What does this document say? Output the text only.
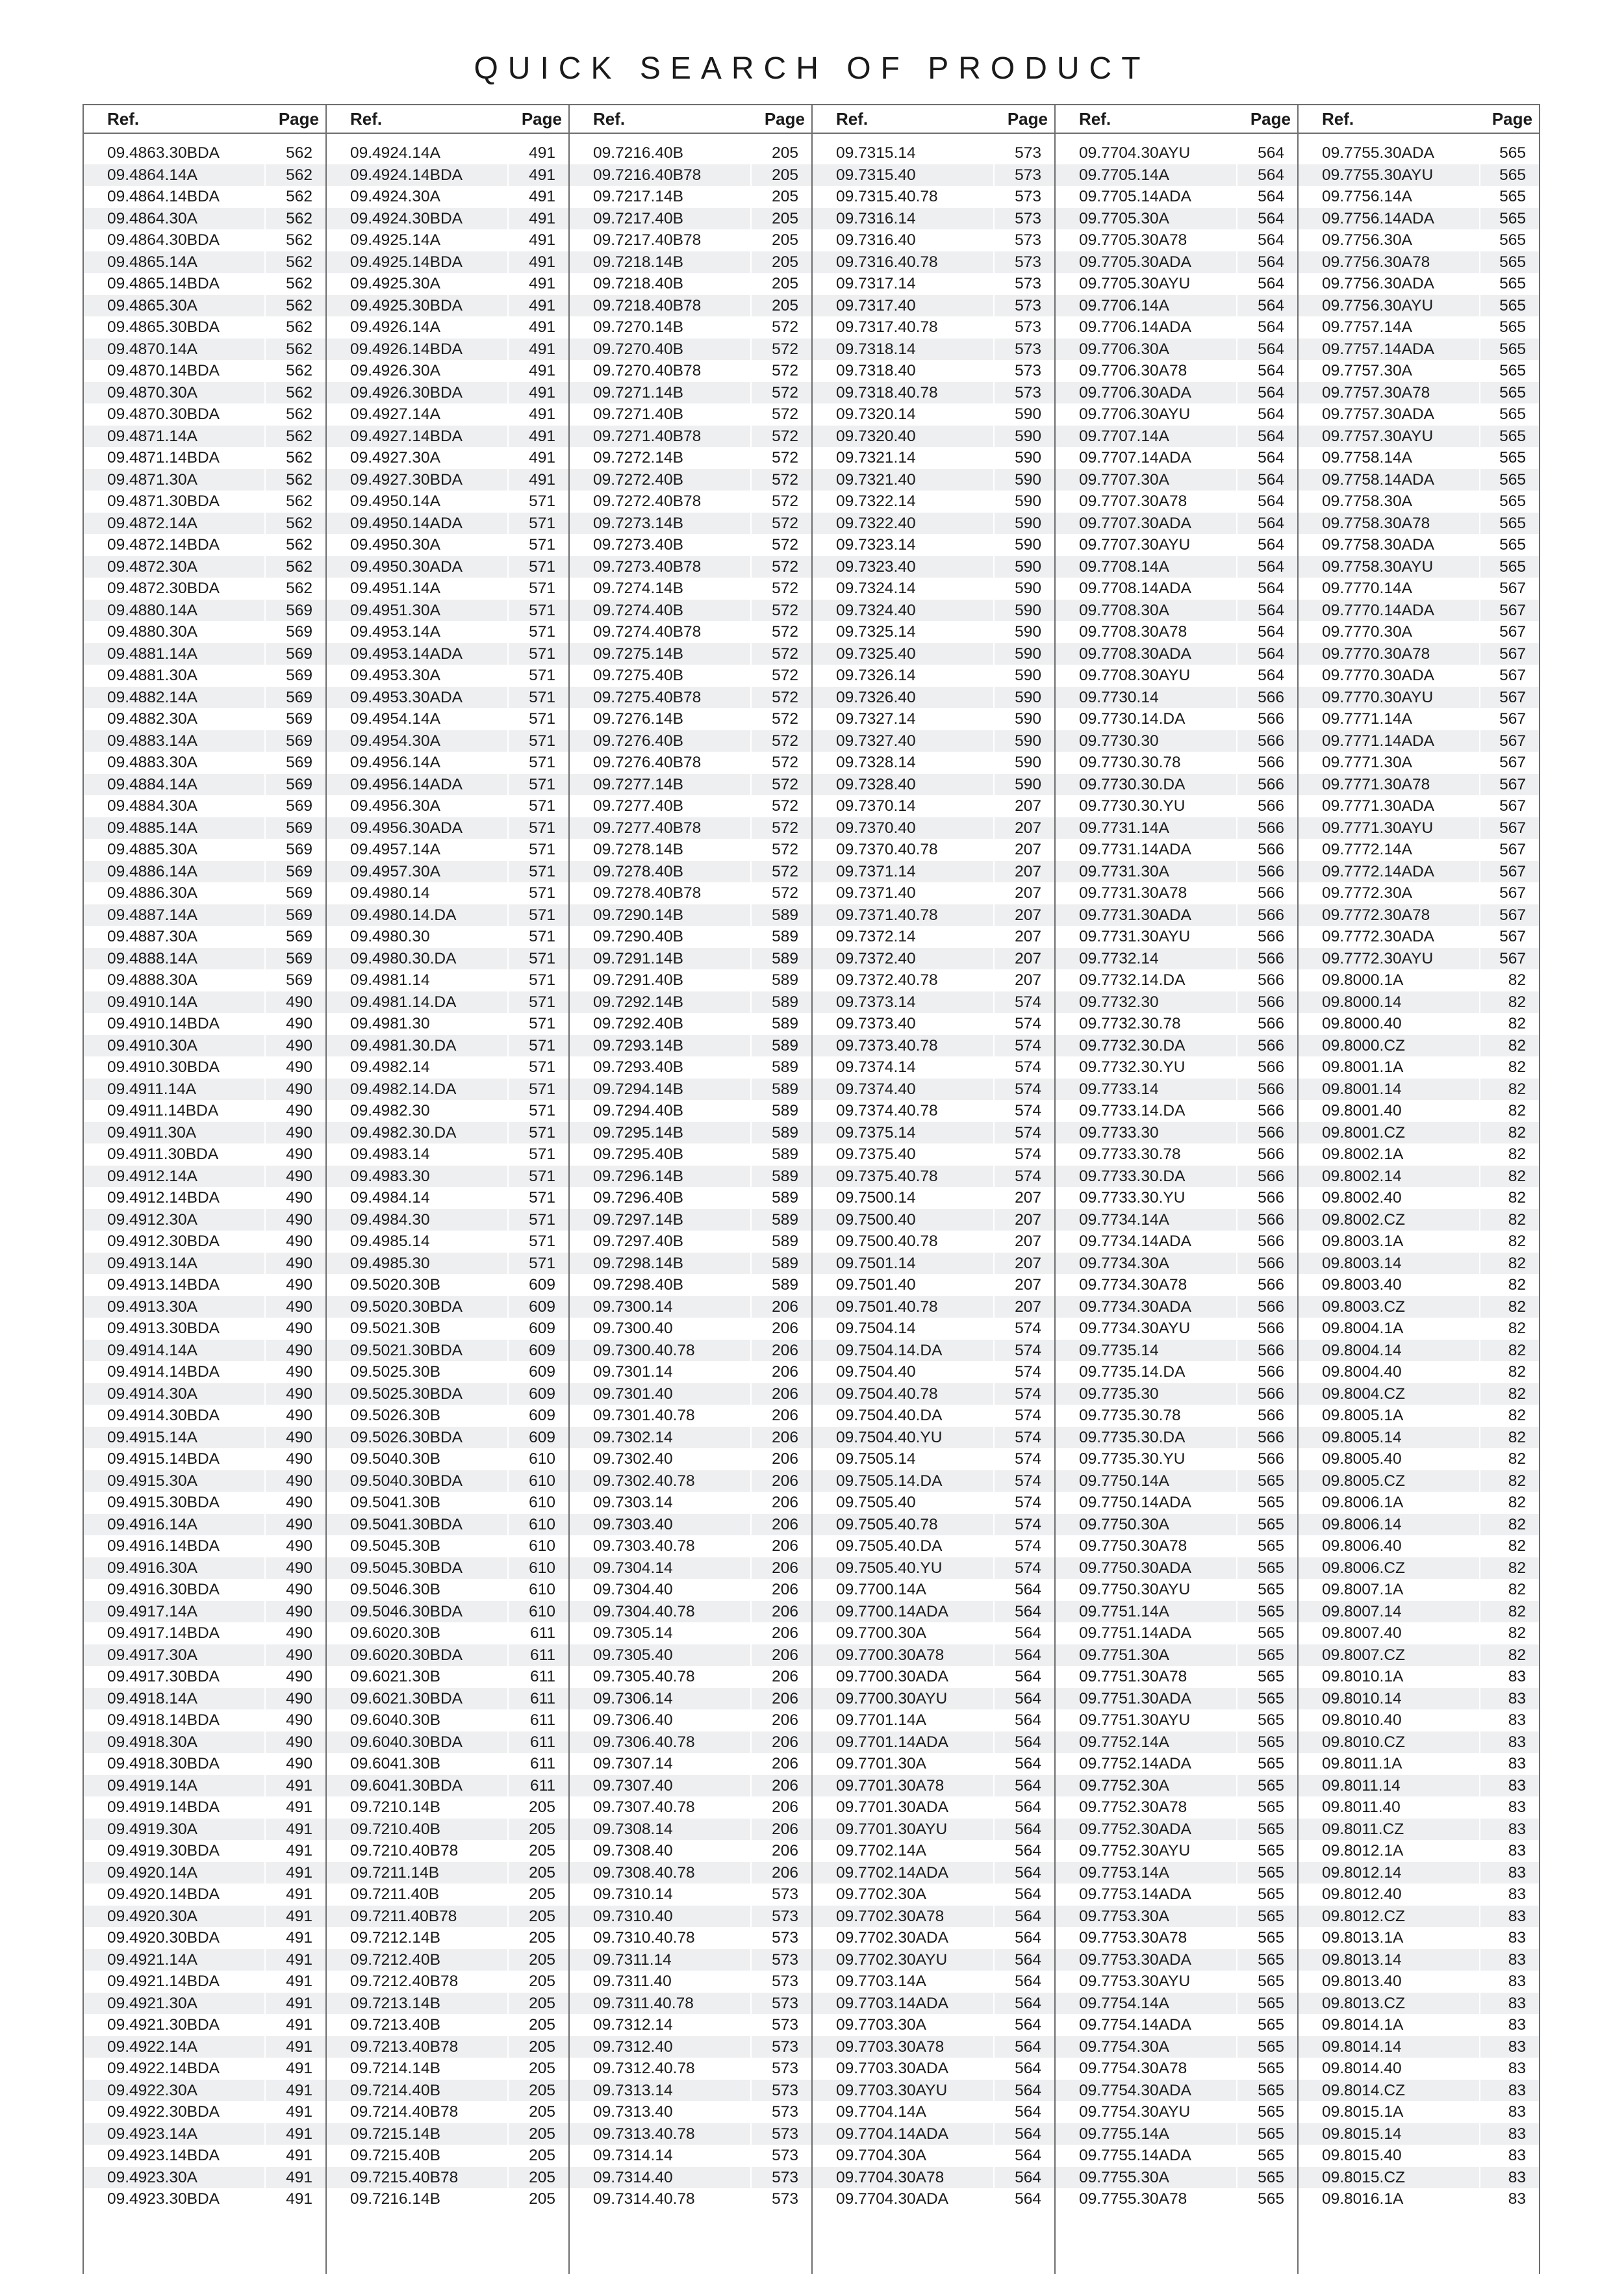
QUICK SEARCH OF PRODUCT
Ref.	Page
09.4863.30BDA	562
09.4864.14A	562
09.4864.14BDA	562
09.4864.30A	562
09.4864.30BDA	562
09.4865.14A	562
09.4865.14BDA	562
09.4865.30A	562
09.4865.30BDA	562
09.4870.14A	562
09.4870.14BDA	562
09.4870.30A	562
09.4870.30BDA	562
09.4871.14A	562
09.4871.14BDA	562
09.4871.30A	562
09.4871.30BDA	562
09.4872.14A	562
09.4872.14BDA	562
09.4872.30A	562
09.4872.30BDA	562
09.4880.14A	569
09.4880.30A	569
09.4881.14A	569
09.4881.30A	569
09.4882.14A	569
09.4882.30A	569
09.4883.14A	569
09.4883.30A	569
09.4884.14A	569
09.4884.30A	569
09.4885.14A	569
09.4885.30A	569
09.4886.14A	569
09.4886.30A	569
09.4887.14A	569
09.4887.30A	569
09.4888.14A	569
09.4888.30A	569
09.4910.14A	490
09.4910.14BDA	490
09.4910.30A	490
09.4910.30BDA	490
09.4911.14A	490
09.4911.14BDA	490
09.4911.30A	490
09.4911.30BDA	490
09.4912.14A	490
09.4912.14BDA	490
09.4912.30A	490
09.4912.30BDA	490
09.4913.14A	490
09.4913.14BDA	490
09.4913.30A	490
09.4913.30BDA	490
09.4914.14A	490
09.4914.14BDA	490
09.4914.30A	490
09.4914.30BDA	490
09.4915.14A	490
09.4915.14BDA	490
09.4915.30A	490
09.4915.30BDA	490
09.4916.14A	490
09.4916.14BDA	490
09.4916.30A	490
09.4916.30BDA	490
09.4917.14A	490
09.4917.14BDA	490
09.4917.30A	490
09.4917.30BDA	490
09.4918.14A	490
09.4918.14BDA	490
09.4918.30A	490
09.4918.30BDA	490
09.4919.14A	491
09.4919.14BDA	491
09.4919.30A	491
09.4919.30BDA	491
09.4920.14A	491
09.4920.14BDA	491
09.4920.30A	491
09.4920.30BDA	491
09.4921.14A	491
09.4921.14BDA	491
09.4921.30A	491
09.4921.30BDA	491
09.4922.14A	491
09.4922.14BDA	491
09.4922.30A	491
09.4922.30BDA	491
09.4923.14A	491
09.4923.14BDA	491
09.4923.30A	491
09.4923.30BDA	491
Ref.	Page
09.4924.14A	491
09.4924.14BDA	491
09.4924.30A	491
09.4924.30BDA	491
09.4925.14A	491
09.4925.14BDA	491
09.4925.30A	491
09.4925.30BDA	491
09.4926.14A	491
09.4926.14BDA	491
09.4926.30A	491
09.4926.30BDA	491
09.4927.14A	491
09.4927.14BDA	491
09.4927.30A	491
09.4927.30BDA	491
09.4950.14A	571
09.4950.14ADA	571
09.4950.30A	571
09.4950.30ADA	571
09.4951.14A	571
09.4951.30A	571
09.4953.14A	571
09.4953.14ADA	571
09.4953.30A	571
09.4953.30ADA	571
09.4954.14A	571
09.4954.30A	571
09.4956.14A	571
09.4956.14ADA	571
09.4956.30A	571
09.4956.30ADA	571
09.4957.14A	571
09.4957.30A	571
09.4980.14	571
09.4980.14.DA	571
09.4980.30	571
09.4980.30.DA	571
09.4981.14	571
09.4981.14.DA	571
09.4981.30	571
09.4981.30.DA	571
09.4982.14	571
09.4982.14.DA	571
09.4982.30	571
09.4982.30.DA	571
09.4983.14	571
09.4983.30	571
09.4984.14	571
09.4984.30	571
09.4985.14	571
09.4985.30	571
09.5020.30B	609
09.5020.30BDA	609
09.5021.30B	609
09.5021.30BDA	609
09.5025.30B	609
09.5025.30BDA	609
09.5026.30B	609
09.5026.30BDA	609
09.5040.30B	610
09.5040.30BDA	610
09.5041.30B	610
09.5041.30BDA	610
09.5045.30B	610
09.5045.30BDA	610
09.5046.30B	610
09.5046.30BDA	610
09.6020.30B	611
09.6020.30BDA	611
09.6021.30B	611
09.6021.30BDA	611
09.6040.30B	611
09.6040.30BDA	611
09.6041.30B	611
09.6041.30BDA	611
09.7210.14B	205
09.7210.40B	205
09.7210.40B78	205
09.7211.14B	205
09.7211.40B	205
09.7211.40B78	205
09.7212.14B	205
09.7212.40B	205
09.7212.40B78	205
09.7213.14B	205
09.7213.40B	205
09.7213.40B78	205
09.7214.14B	205
09.7214.40B	205
09.7214.40B78	205
09.7215.14B	205
09.7215.40B	205
09.7215.40B78	205
09.7216.14B	205
Ref.	Page
09.7216.40B	205
09.7216.40B78	205
09.7217.14B	205
09.7217.40B	205
09.7217.40B78	205
09.7218.14B	205
09.7218.40B	205
09.7218.40B78	205
09.7270.14B	572
09.7270.40B	572
09.7270.40B78	572
09.7271.14B	572
09.7271.40B	572
09.7271.40B78	572
09.7272.14B	572
09.7272.40B	572
09.7272.40B78	572
09.7273.14B	572
09.7273.40B	572
09.7273.40B78	572
09.7274.14B	572
09.7274.40B	572
09.7274.40B78	572
09.7275.14B	572
09.7275.40B	572
09.7275.40B78	572
09.7276.14B	572
09.7276.40B	572
09.7276.40B78	572
09.7277.14B	572
09.7277.40B	572
09.7277.40B78	572
09.7278.14B	572
09.7278.40B	572
09.7278.40B78	572
09.7290.14B	589
09.7290.40B	589
09.7291.14B	589
09.7291.40B	589
09.7292.14B	589
09.7292.40B	589
09.7293.14B	589
09.7293.40B	589
09.7294.14B	589
09.7294.40B	589
09.7295.14B	589
09.7295.40B	589
09.7296.14B	589
09.7296.40B	589
09.7297.14B	589
09.7297.40B	589
09.7298.14B	589
09.7298.40B	589
09.7300.14	206
09.7300.40	206
09.7300.40.78	206
09.7301.14	206
09.7301.40	206
09.7301.40.78	206
09.7302.14	206
09.7302.40	206
09.7302.40.78	206
09.7303.14	206
09.7303.40	206
09.7303.40.78	206
09.7304.14	206
09.7304.40	206
09.7304.40.78	206
09.7305.14	206
09.7305.40	206
09.7305.40.78	206
09.7306.14	206
09.7306.40	206
09.7306.40.78	206
09.7307.14	206
09.7307.40	206
09.7307.40.78	206
09.7308.14	206
09.7308.40	206
09.7308.40.78	206
09.7310.14	573
09.7310.40	573
09.7310.40.78	573
09.7311.14	573
09.7311.40	573
09.7311.40.78	573
09.7312.14	573
09.7312.40	573
09.7312.40.78	573
09.7313.14	573
09.7313.40	573
09.7313.40.78	573
09.7314.14	573
09.7314.40	573
09.7314.40.78	573
Ref.	Page
09.7315.14	573
09.7315.40	573
09.7315.40.78	573
09.7316.14	573
09.7316.40	573
09.7316.40.78	573
09.7317.14	573
09.7317.40	573
09.7317.40.78	573
09.7318.14	573
09.7318.40	573
09.7318.40.78	573
09.7320.14	590
09.7320.40	590
09.7321.14	590
09.7321.40	590
09.7322.14	590
09.7322.40	590
09.7323.14	590
09.7323.40	590
09.7324.14	590
09.7324.40	590
09.7325.14	590
09.7325.40	590
09.7326.14	590
09.7326.40	590
09.7327.14	590
09.7327.40	590
09.7328.14	590
09.7328.40	590
09.7370.14	207
09.7370.40	207
09.7370.40.78	207
09.7371.14	207
09.7371.40	207
09.7371.40.78	207
09.7372.14	207
09.7372.40	207
09.7372.40.78	207
09.7373.14	574
09.7373.40	574
09.7373.40.78	574
09.7374.14	574
09.7374.40	574
09.7374.40.78	574
09.7375.14	574
09.7375.40	574
09.7375.40.78	574
09.7500.14	207
09.7500.40	207
09.7500.40.78	207
09.7501.14	207
09.7501.40	207
09.7501.40.78	207
09.7504.14	574
09.7504.14.DA	574
09.7504.40	574
09.7504.40.78	574
09.7504.40.DA	574
09.7504.40.YU	574
09.7505.14	574
09.7505.14.DA	574
09.7505.40	574
09.7505.40.78	574
09.7505.40.DA	574
09.7505.40.YU	574
09.7700.14A	564
09.7700.14ADA	564
09.7700.30A	564
09.7700.30A78	564
09.7700.30ADA	564
09.7700.30AYU	564
09.7701.14A	564
09.7701.14ADA	564
09.7701.30A	564
09.7701.30A78	564
09.7701.30ADA	564
09.7701.30AYU	564
09.7702.14A	564
09.7702.14ADA	564
09.7702.30A	564
09.7702.30A78	564
09.7702.30ADA	564
09.7702.30AYU	564
09.7703.14A	564
09.7703.14ADA	564
09.7703.30A	564
09.7703.30A78	564
09.7703.30ADA	564
09.7703.30AYU	564
09.7704.14A	564
09.7704.14ADA	564
09.7704.30A	564
09.7704.30A78	564
09.7704.30ADA	564
Ref.	Page
09.7704.30AYU	564
09.7705.14A	564
09.7705.14ADA	564
09.7705.30A	564
09.7705.30A78	564
09.7705.30ADA	564
09.7705.30AYU	564
09.7706.14A	564
09.7706.14ADA	564
09.7706.30A	564
09.7706.30A78	564
09.7706.30ADA	564
09.7706.30AYU	564
09.7707.14A	564
09.7707.14ADA	564
09.7707.30A	564
09.7707.30A78	564
09.7707.30ADA	564
09.7707.30AYU	564
09.7708.14A	564
09.7708.14ADA	564
09.7708.30A	564
09.7708.30A78	564
09.7708.30ADA	564
09.7708.30AYU	564
09.7730.14	566
09.7730.14.DA	566
09.7730.30	566
09.7730.30.78	566
09.7730.30.DA	566
09.7730.30.YU	566
09.7731.14A	566
09.7731.14ADA	566
09.7731.30A	566
09.7731.30A78	566
09.7731.30ADA	566
09.7731.30AYU	566
09.7732.14	566
09.7732.14.DA	566
09.7732.30	566
09.7732.30.78	566
09.7732.30.DA	566
09.7732.30.YU	566
09.7733.14	566
09.7733.14.DA	566
09.7733.30	566
09.7733.30.78	566
09.7733.30.DA	566
09.7733.30.YU	566
09.7734.14A	566
09.7734.14ADA	566
09.7734.30A	566
09.7734.30A78	566
09.7734.30ADA	566
09.7734.30AYU	566
09.7735.14	566
09.7735.14.DA	566
09.7735.30	566
09.7735.30.78	566
09.7735.30.DA	566
09.7735.30.YU	566
09.7750.14A	565
09.7750.14ADA	565
09.7750.30A	565
09.7750.30A78	565
09.7750.30ADA	565
09.7750.30AYU	565
09.7751.14A	565
09.7751.14ADA	565
09.7751.30A	565
09.7751.30A78	565
09.7751.30ADA	565
09.7751.30AYU	565
09.7752.14A	565
09.7752.14ADA	565
09.7752.30A	565
09.7752.30A78	565
09.7752.30ADA	565
09.7752.30AYU	565
09.7753.14A	565
09.7753.14ADA	565
09.7753.30A	565
09.7753.30A78	565
09.7753.30ADA	565
09.7753.30AYU	565
09.7754.14A	565
09.7754.14ADA	565
09.7754.30A	565
09.7754.30A78	565
09.7754.30ADA	565
09.7754.30AYU	565
09.7755.14A	565
09.7755.14ADA	565
09.7755.30A	565
09.7755.30A78	565
Ref.	Page
09.7755.30ADA	565
09.7755.30AYU	565
09.7756.14A	565
09.7756.14ADA	565
09.7756.30A	565
09.7756.30A78	565
09.7756.30ADA	565
09.7756.30AYU	565
09.7757.14A	565
09.7757.14ADA	565
09.7757.30A	565
09.7757.30A78	565
09.7757.30ADA	565
09.7757.30AYU	565
09.7758.14A	565
09.7758.14ADA	565
09.7758.30A	565
09.7758.30A78	565
09.7758.30ADA	565
09.7758.30AYU	565
09.7770.14A	567
09.7770.14ADA	567
09.7770.30A	567
09.7770.30A78	567
09.7770.30ADA	567
09.7770.30AYU	567
09.7771.14A	567
09.7771.14ADA	567
09.7771.30A	567
09.7771.30A78	567
09.7771.30ADA	567
09.7771.30AYU	567
09.7772.14A	567
09.7772.14ADA	567
09.7772.30A	567
09.7772.30A78	567
09.7772.30ADA	567
09.7772.30AYU	567
09.8000.1A	82
09.8000.14	82
09.8000.40	82
09.8000.CZ	82
09.8001.1A	82
09.8001.14	82
09.8001.40	82
09.8001.CZ	82
09.8002.1A	82
09.8002.14	82
09.8002.40	82
09.8002.CZ	82
09.8003.1A	82
09.8003.14	82
09.8003.40	82
09.8003.CZ	82
09.8004.1A	82
09.8004.14	82
09.8004.40	82
09.8004.CZ	82
09.8005.1A	82
09.8005.14	82
09.8005.40	82
09.8005.CZ	82
09.8006.1A	82
09.8006.14	82
09.8006.40	82
09.8006.CZ	82
09.8007.1A	82
09.8007.14	82
09.8007.40	82
09.8007.CZ	82
09.8010.1A	83
09.8010.14	83
09.8010.40	83
09.8010.CZ	83
09.8011.1A	83
09.8011.14	83
09.8011.40	83
09.8011.CZ	83
09.8012.1A	83
09.8012.14	83
09.8012.40	83
09.8012.CZ	83
09.8013.1A	83
09.8013.14	83
09.8013.40	83
09.8013.CZ	83
09.8014.1A	83
09.8014.14	83
09.8014.40	83
09.8014.CZ	83
09.8015.1A	83
09.8015.14	83
09.8015.40	83
09.8015.CZ	83
09.8016.1A	83
